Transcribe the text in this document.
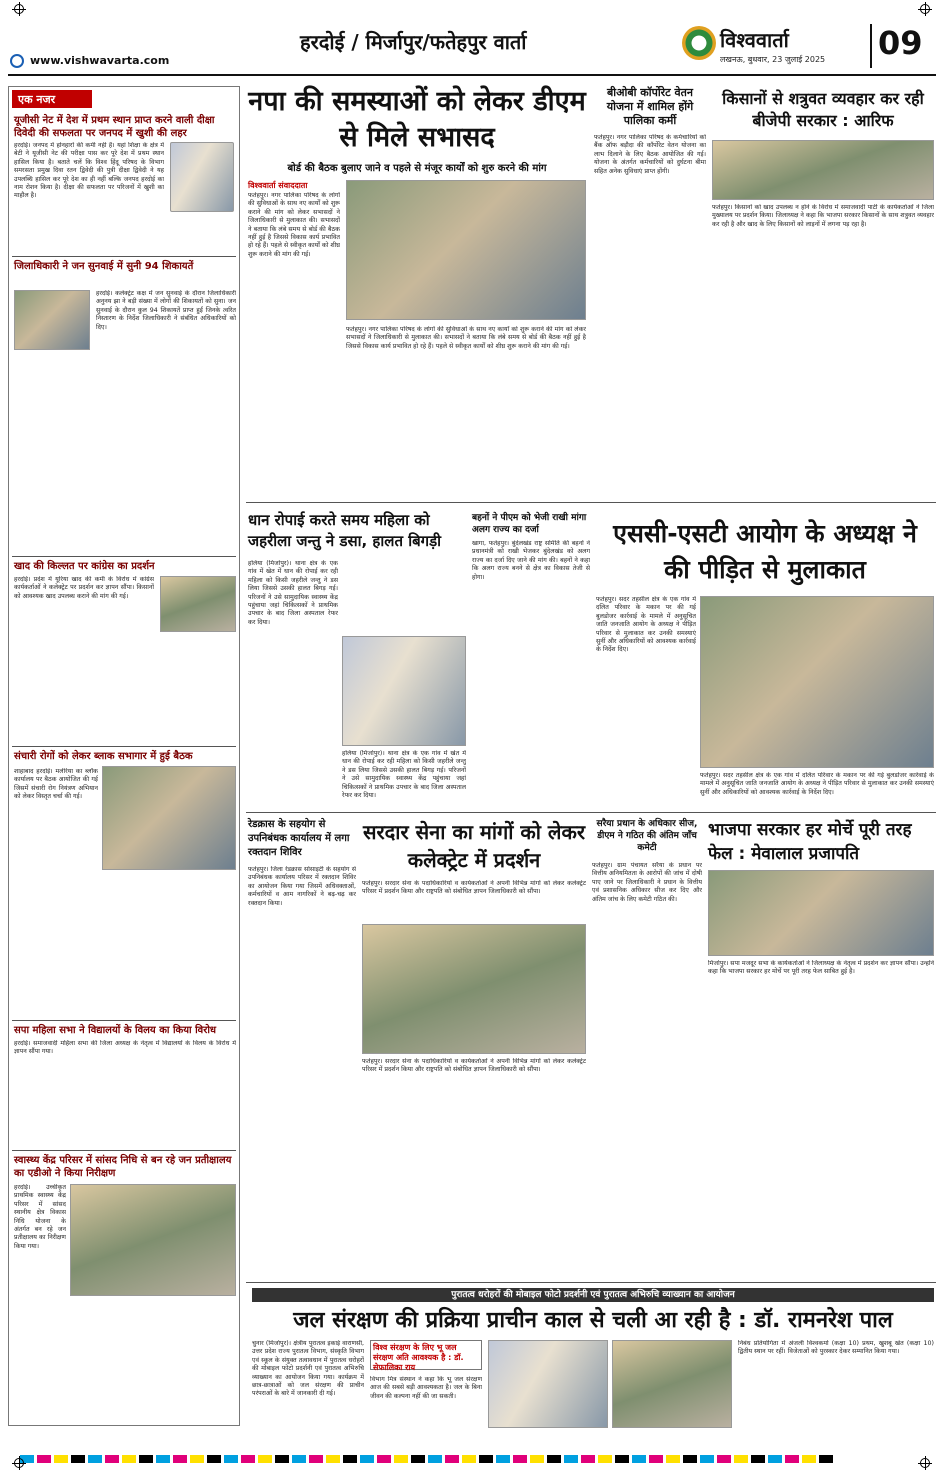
हरदोई / मिर्जापुर/फतेहपुर वार्ता
www.vishwavarta.com
विश्ववार्ता
लखनऊ, बुधवार, 23 जुलाई 2025 09
एक नजर
यूजीसी नेट में देश में प्रथम स्थान प्राप्त करने वाली दीक्षा दिवेदी की सफलता पर जनपद में खुशी की लहर
हरदोई। जनपद में होनहारों की कमी नहीं है। यहां शिक्षा के क्षेत्र में बेटी ने यूजीसी नेट की परीक्षा पास कर पूरे देश में प्रथम स्थान हासिल किया है। बताते चलें कि विश्व हिंदू परिषद के विभाग समरसता प्रमुख दिवा रतन द्विवेदी की पुत्री दीक्षा द्विवेदी ने यह उपलब्धि हासिल कर पूरे देश का ही नहीं बल्कि जनपद हरदोई का नाम रोशन किया है। दीक्षा की सफलता पर परिजनों में खुशी का माहौल है।
जिलाधिकारी ने जन सुनवाई में सुनी 94 शिकायतें
हरदोई। कलेक्ट्रेट कक्ष में जन सुनवाई के दौरान जिलाधिकारी अनुनय झा ने बड़ी संख्या में लोगों की शिकायतों को सुना। जन सुनवाई के दौरान कुल 94 शिकायतें प्राप्त हुईं जिनके त्वरित निस्तारण के निर्देश जिलाधिकारी ने संबंधित अधिकारियों को दिए।
खाद की किल्लत पर कांग्रेस का प्रदर्शन
हरदोई। प्रदेश में यूरिया खाद की कमी के विरोध में कांग्रेस कार्यकर्ताओं ने कलेक्ट्रेट पर प्रदर्शन कर ज्ञापन सौंपा। किसानों को आवश्यक खाद उपलब्ध कराने की मांग की गई।
संचारी रोगों को लेकर ब्लाक सभागार में हुई बैठक
शाहाबाद हरदोई। मलेरिया का ब्लॉक कार्यालय पर बैठक आयोजित की गई जिसमें संचारी रोग नियंत्रण अभियान को लेकर विस्तृत चर्चा की गई।
सपा महिला सभा ने विद्यालयों के विलय का किया विरोध
हरदोई। समाजवादी महिला सभा की जिला अध्यक्ष के नेतृत्व में विद्यालयों के विलय के विरोध में ज्ञापन सौंपा गया।
स्वास्थ्य केंद्र परिसर में सांसद निधि से बन रहे जन प्रतीक्षालय का एडीओ ने किया निरीक्षण
हरदोई। उच्चीकृत प्राथमिक स्वास्थ्य केंद्र परिसर में सांसद स्थानीय क्षेत्र विकास निधि योजना के अंतर्गत बन रहे जन प्रतीक्षालय का निरीक्षण किया गया।
नपा की समस्याओं को लेकर डीएम से मिले सभासद
बोर्ड की बैठक बुलाए जाने व पहले से मंजूर कार्यों को शुरु करने की मांग
विश्ववार्ता संवाददाता
फतेहपुर। नगर पालिका परिषद के लोगों की सुविधाओं के साथ नए कार्यों को शुरू कराने की मांग को लेकर सभासदों ने जिलाधिकारी से मुलाकात की। सभासदों ने बताया कि लंबे समय से बोर्ड की बैठक नहीं हुई है जिससे विकास कार्य प्रभावित हो रहे हैं। पहले से स्वीकृत कार्यों को शीघ्र शुरू कराने की मांग की गई।
फतेहपुर। नगर पालिका परिषद के लोगों की सुविधाओं के साथ नए कार्यों को शुरू कराने की मांग को लेकर सभासदों ने जिलाधिकारी से मुलाकात की। सभासदों ने बताया कि लंबे समय से बोर्ड की बैठक नहीं हुई है जिससे विकास कार्य प्रभावित हो रहे हैं। पहले से स्वीकृत कार्यों को शीघ्र शुरू कराने की मांग की गई।
बीओबी कॉर्पोरेट वेतन योजना में शामिल होंगे पालिका कर्मी
फतेहपुर। नगर पालिका परिषद के कर्मचारियों को बैंक ऑफ बड़ौदा की कॉर्पोरेट वेतन योजना का लाभ दिलाने के लिए बैठक आयोजित की गई। योजना के अंतर्गत कर्मचारियों को दुर्घटना बीमा सहित अनेक सुविधाएं प्राप्त होंगी।
किसानों से शत्रुवत व्यवहार कर रही बीजेपी सरकार : आरिफ
फतेहपुर। किसानों को खाद उपलब्ध न होने के विरोध में समाजवादी पार्टी के कार्यकर्ताओं ने जिला मुख्यालय पर प्रदर्शन किया। जिलाध्यक्ष ने कहा कि भाजपा सरकार किसानों के साथ शत्रुवत व्यवहार कर रही है और खाद के लिए किसानों को लाइनों में लगना पड़ रहा है।
धान रोपाई करते समय महिला को जहरीला जन्तु ने डसा, हालत बिगड़ी
हलिया (मिर्जापुर)। थाना क्षेत्र के एक गांव में खेत में धान की रोपाई कर रही महिला को किसी जहरीले जन्तु ने डस लिया जिससे उसकी हालत बिगड़ गई। परिजनों ने उसे सामुदायिक स्वास्थ्य केंद्र पहुंचाया जहां चिकित्सकों ने प्राथमिक उपचार के बाद जिला अस्पताल रेफर कर दिया।
हलिया (मिर्जापुर)। थाना क्षेत्र के एक गांव में खेत में धान की रोपाई कर रही महिला को किसी जहरीले जन्तु ने डस लिया जिससे उसकी हालत बिगड़ गई। परिजनों ने उसे सामुदायिक स्वास्थ्य केंद्र पहुंचाया जहां चिकित्सकों ने प्राथमिक उपचार के बाद जिला अस्पताल रेफर कर दिया।
बहनों ने पीएम को भेजी राखी मांगा अलग राज्य का दर्जा
खागा, फतेहपुर। बुंदेलखंड राष्ट्र समिति की बहनों ने प्रधानमंत्री को राखी भेजकर बुंदेलखंड को अलग राज्य का दर्जा दिए जाने की मांग की। बहनों ने कहा कि अलग राज्य बनने से क्षेत्र का विकास तेजी से होगा।
एससी-एसटी आयोग के अध्यक्ष ने की पीड़ित से मुलाकात
फतेहपुर। सदर तहसील क्षेत्र के एक गांव में दलित परिवार के मकान पर की गई बुलडोजर कार्रवाई के मामले में अनुसूचित जाति जनजाति आयोग के अध्यक्ष ने पीड़ित परिवार से मुलाकात कर उनकी समस्याएं सुनीं और अधिकारियों को आवश्यक कार्रवाई के निर्देश दिए।
फतेहपुर। सदर तहसील क्षेत्र के एक गांव में दलित परिवार के मकान पर की गई बुलडोजर कार्रवाई के मामले में अनुसूचित जाति जनजाति आयोग के अध्यक्ष ने पीड़ित परिवार से मुलाकात कर उनकी समस्याएं सुनीं और अधिकारियों को आवश्यक कार्रवाई के निर्देश दिए।
रेडक्रास के सहयोग से उपनिबंधक कार्यालय में लगा रक्तदान शिविर
फतेहपुर। जिला रेडक्रास सोसाइटी के सहयोग से उपनिबंधक कार्यालय परिसर में रक्तदान शिविर का आयोजन किया गया जिसमें अधिवक्ताओं, कर्मचारियों व आम नागरिकों ने बढ़-चढ़ कर रक्तदान किया।
सरदार सेना का मांगों को लेकर कलेक्ट्रेट में प्रदर्शन
फतेहपुर। सरदार सेना के पदाधिकारियों व कार्यकर्ताओं ने अपनी विभिन्न मांगों को लेकर कलेक्ट्रेट परिसर में प्रदर्शन किया और राष्ट्रपति को संबोधित ज्ञापन जिलाधिकारी को सौंपा।
फतेहपुर। सरदार सेना के पदाधिकारियों व कार्यकर्ताओं ने अपनी विभिन्न मांगों को लेकर कलेक्ट्रेट परिसर में प्रदर्शन किया और राष्ट्रपति को संबोधित ज्ञापन जिलाधिकारी को सौंपा।
सरैया प्रधान के अधिकार सीज, डीएम ने गठित की अंतिम जाँच कमेटी
फतेहपुर। ग्राम पंचायत सरैया के प्रधान पर वित्तीय अनियमितता के आरोपों की जांच में दोषी पाए जाने पर जिलाधिकारी ने प्रधान के वित्तीय एवं प्रशासनिक अधिकार सीज कर दिए और अंतिम जांच के लिए कमेटी गठित की।
भाजपा सरकार हर मोर्चे पूरी तरह फेल : मेवालाल प्रजापति
मिर्जापुर। सपा मजदूर सभा के कार्यकर्ताओं ने जिलाध्यक्ष के नेतृत्व में प्रदर्शन कर ज्ञापन सौंपा। उन्होंने कहा कि भाजपा सरकार हर मोर्चे पर पूरी तरह फेल साबित हुई है।
पुरातत्व धरोहरों की मोबाइल फोटो प्रदर्शनी एवं पुरातत्व अभिरुचि व्याख्यान का आयोजन
जल संरक्षण की प्रक्रिया प्राचीन काल से चली आ रही है : डॉ. रामनरेश पाल
चुनार (मिर्जापुर)। क्षेत्रीय पुरातत्व इकाई वाराणसी, उत्तर प्रदेश राज्य पुरातत्व विभाग, संस्कृति विभाग एवं स्कूल के संयुक्त तत्वावधान में पुरातत्व धरोहरों की मोबाइल फोटो प्रदर्शनी एवं पुरातत्व अभिरुचि व्याख्यान का आयोजन किया गया। कार्यक्रम में छात्र-छात्राओं को जल संरक्षण की प्राचीन परंपराओं के बारे में जानकारी दी गई।
विश्व संरक्षण के लिए भू जल संरक्षण अति आवश्यक है : डॉ. सेफालिका राय
विभाग मित्र संस्थान ने कहा कि भू जल संरक्षण आज की सबसे बड़ी आवश्यकता है। जल के बिना जीवन की कल्पना नहीं की जा सकती।
निबंध प्रतियोगिता में अंजली विश्वकर्मा (कक्षा 10) प्रथम, खुशबू खेत (कक्षा 10) द्वितीय स्थान पर रहीं। विजेताओं को पुरस्कार देकर सम्मानित किया गया।
